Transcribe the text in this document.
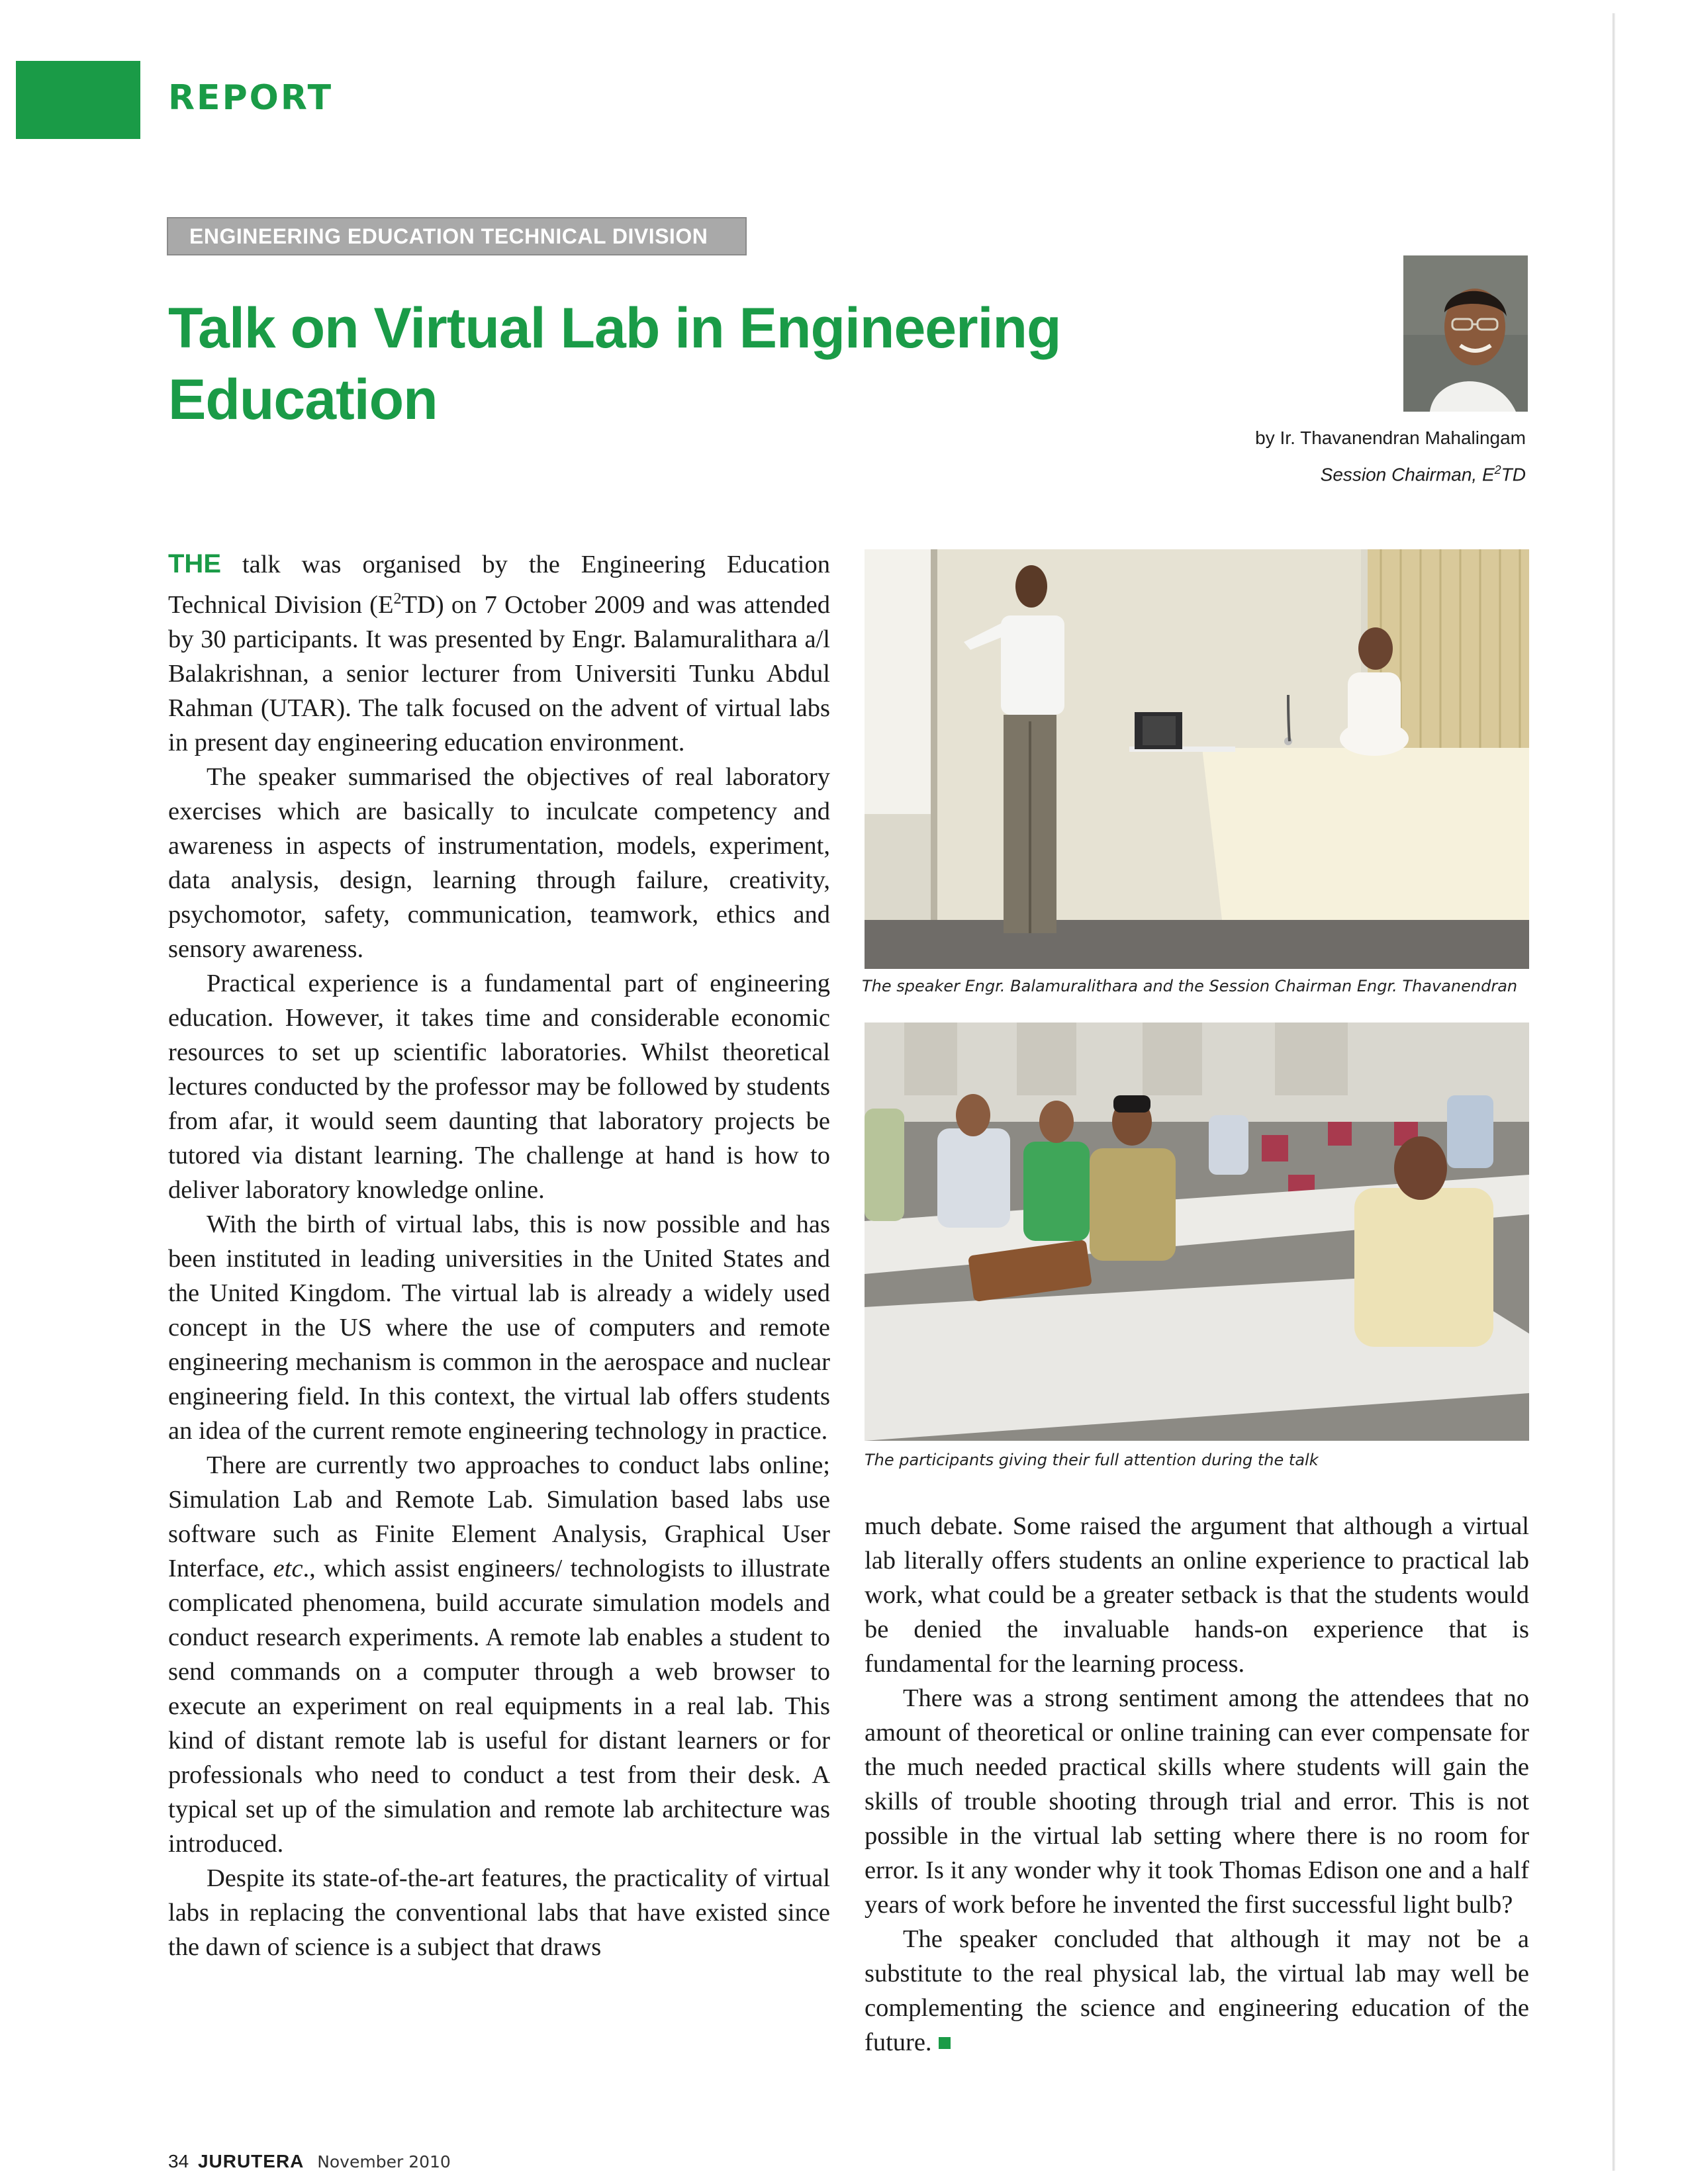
REPORT
ENGINEERING EDUCATION TECHNICAL DIVISION
Talk on Virtual Lab in Engineering Education
by Ir. Thavanendran Mahalingam
Session Chairman, $E^2TD$

THE talk was organised by the Engineering Education Technical Division $(E^2TD)$ on 7 October 2009 and was attended by 30 participants. It was presented by Engr. Balamuralithara a/l Balakrishnan, a senior lecturer from Universiti Tunku Abdul Rahman (UTAR). The talk focused on the advent of virtual labs in present day engineering education environment.

The speaker summarised the objectives of real laboratory exercises which are basically to inculcate competency and awareness in aspects of instrumentation, models, experiment, data analysis, design, learning through failure, creativity, psychomotor, safety, communication, teamwork, ethics and sensory awareness.

Practical experience is a fundamental part of engineering education. However, it takes time and considerable economic resources to set up scientific laboratories. Whilst theoretical lectures conducted by the professor may be followed by students from afar, it would seem daunting that laboratory projects be tutored via distant learning. The challenge at hand is how to deliver laboratory knowledge online.

With the birth of virtual labs, this is now possible and has been instituted in leading universities in the United States and the United Kingdom. The virtual lab is already a widely used concept in the US where the use of computers and remote engineering mechanism is common in the aerospace and nuclear engineering field. In this context, the virtual lab offers students an idea of the current remote engineering technology in practice.

There are currently two approaches to conduct labs online; Simulation Lab and Remote Lab. Simulation based labs use software such as Finite Element Analysis, Graphical User Interface, etc., which assist engineers/ technologists to illustrate complicated phenomena, build accurate simulation models and conduct research experiments. A remote lab enables a student to send commands on a computer through a web browser to execute an experiment on real equipments in a real lab. This kind of distant remote lab is useful for distant learners or for professionals who need to conduct a test from their desk. A typical set up of the simulation and remote lab architecture was introduced.

Despite its state-of-the-art features, the practicality of virtual labs in replacing the conventional labs that have existed since the dawn of science is a subject that draws

The speaker Engr. Balamuralithara and the Session Chairman Engr. Thavanendran

The participants giving their full attention during the talk

much debate. Some raised the argument that although a virtual lab literally offers students an online experience to practical lab work, what could be a greater setback is that the students would be denied the invaluable hands-on experience that is fundamental for the learning process.

There was a strong sentiment among the attendees that no amount of theoretical or online training can ever compensate for the much needed practical skills where students will gain the skills of trouble shooting through trial and error. This is not possible in the virtual lab setting where there is no room for error. Is it any wonder why it took Thomas Edison one and a half years of work before he invented the first successful light bulb?

The speaker concluded that although it may not be a substitute to the real physical lab, the virtual lab may well be complementing the science and engineering education of the future.

34 JURUTERA November 2010
